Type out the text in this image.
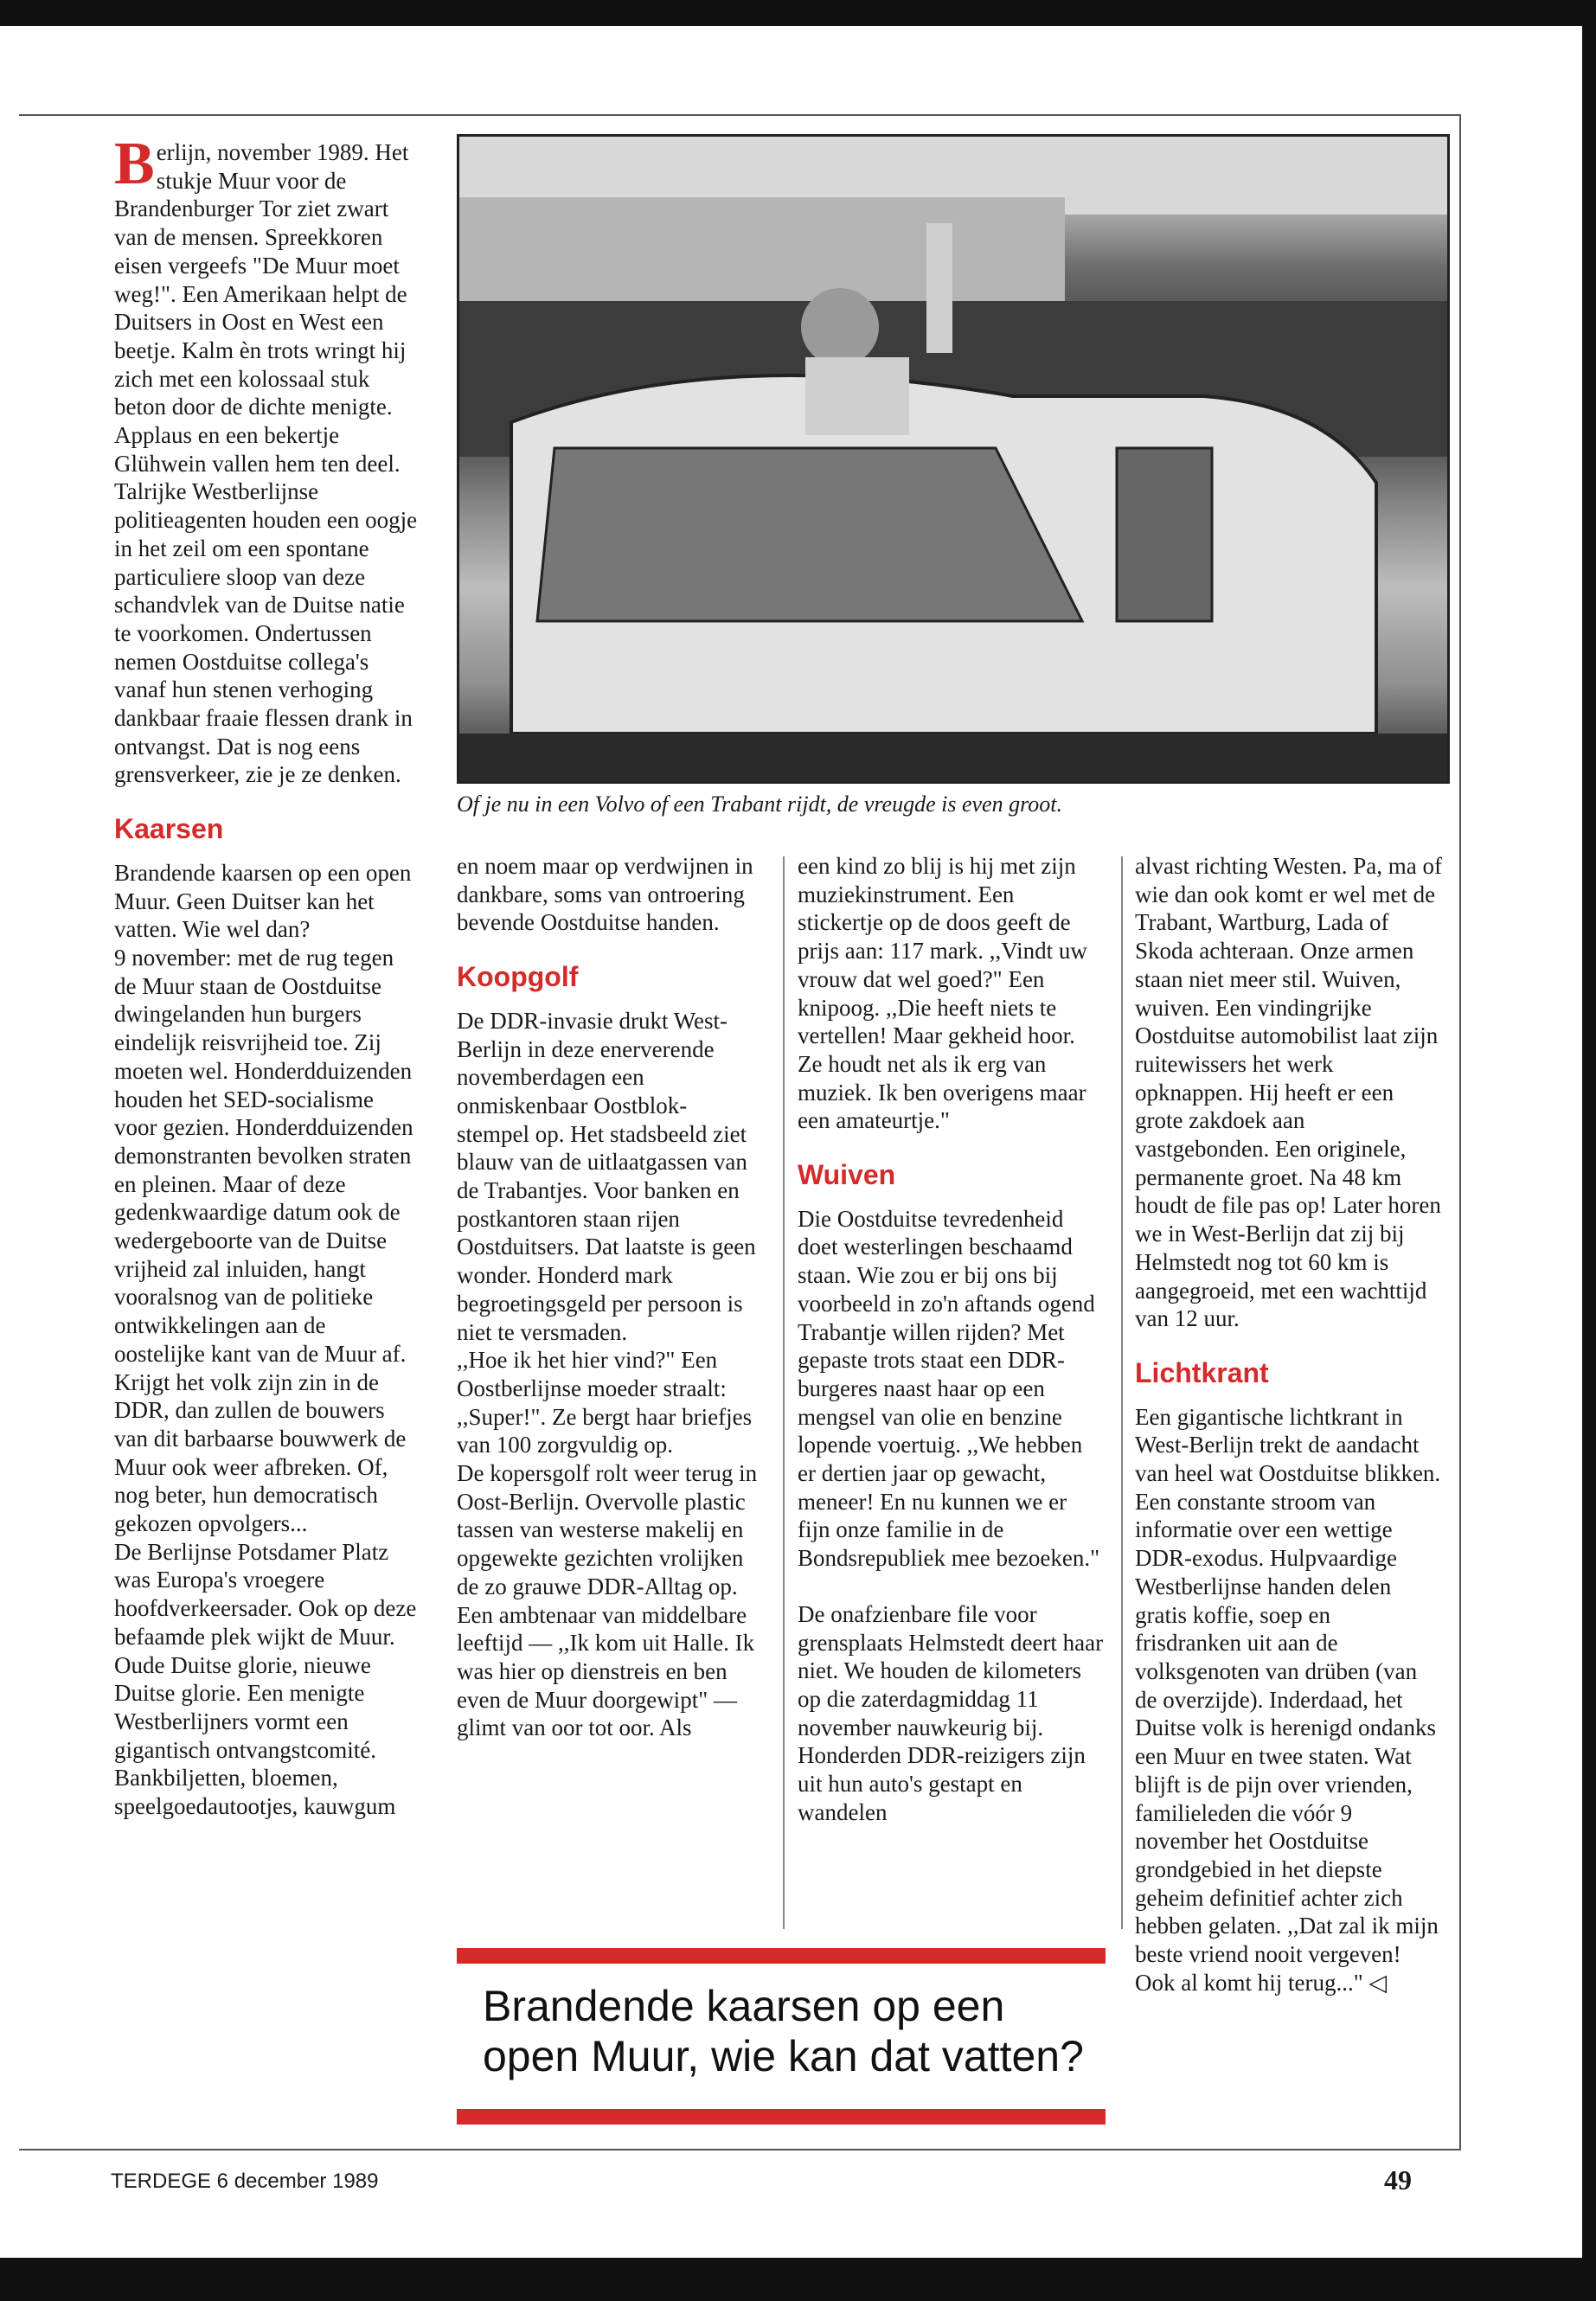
Of je nu in een Volvo of een Trabant rijdt, de vreugde is even groot.

Berlijn, november 1989. Het stukje Muur voor de Brandenburger Tor ziet zwart van de mensen. Spreekkoren eisen vergeefs "De Muur moet weg!". Een Amerikaan helpt de Duitsers in Oost en West een beetje. Kalm èn trots wringt hij zich met een kolossaal stuk beton door de dichte menigte. Applaus en een bekertje Glühwein vallen hem ten deel. Talrijke Westberlijnse politieagenten houden een oogje in het zeil om een spontane particuliere sloop van deze schandvlek van de Duitse natie te voorkomen. Ondertussen nemen Oostduitse collega's vanaf hun stenen verhoging dankbaar fraaie flessen drank in ontvangst. Dat is nog eens grensverkeer, zie je ze denken.

Kaarsen

Brandende kaarsen op een open Muur. Geen Duitser kan het vatten. Wie wel dan?

9 november: met de rug tegen de Muur staan de Oostduitse dwingelanden hun burgers eindelijk reisvrijheid toe. Zij moeten wel. Honderdduizenden houden het SED-socialisme voor gezien. Honderdduizenden demonstranten bevolken straten en pleinen. Maar of deze gedenkwaardige datum ook de wedergeboorte van de Duitse vrijheid zal inluiden, hangt vooralsnog van de politieke ontwikkelingen aan de oostelijke kant van de Muur af. Krijgt het volk zijn zin in de DDR, dan zullen de bouwers van dit barbaarse bouwwerk de Muur ook weer afbreken. Of, nog beter, hun democratisch gekozen opvolgers...

De Berlijnse Potsdamer Platz was Europa's vroegere hoofdverkeersader. Ook op deze befaamde plek wijkt de Muur. Oude Duitse glorie, nieuwe Duitse glorie. Een menigte Westberlijners vormt een gigantisch ontvangstcomité. Bankbiljetten, bloemen, speelgoedautootjes, kauwgum

en noem maar op verdwijnen in dankbare, soms van ontroering bevende Oostduitse handen.

Koopgolf

De DDR-invasie drukt West-Berlijn in deze enerverende novemberdagen een onmiskenbaar Oostblok-stempel op. Het stadsbeeld ziet blauw van de uitlaatgassen van de Trabantjes. Voor banken en postkantoren staan rijen Oostduitsers. Dat laatste is geen wonder. Honderd mark begroetingsgeld per persoon is niet te versmaden.

,,Hoe ik het hier vind?" Een Oostberlijnse moeder straalt: ,,Super!". Ze bergt haar briefjes van 100 zorgvuldig op.

De kopersgolf rolt weer terug in Oost-Berlijn. Overvolle plastic tassen van westerse makelij en opgewekte gezichten vrolijken de zo grauwe DDR-Alltag op. Een ambtenaar van middelbare leeftijd — ,,Ik kom uit Halle. Ik was hier op dienstreis en ben even de Muur doorgewipt" — glimt van oor tot oor. Als

een kind zo blij is hij met zijn muziekinstrument. Een stickertje op de doos geeft de prijs aan: 117 mark. ,,Vindt uw vrouw dat wel goed?" Een knipoog. ,,Die heeft niets te vertellen! Maar gekheid hoor. Ze houdt net als ik erg van muziek. Ik ben overigens maar een amateurtje."

Wuiven

Die Oostduitse tevredenheid doet westerlingen beschaamd staan. Wie zou er bij ons bij voorbeeld in zo'n aftands ogend Trabantje willen rijden? Met gepaste trots staat een DDR-burgeres naast haar op een mengsel van olie en benzine lopende voertuig. ,,We hebben er dertien jaar op gewacht, meneer! En nu kunnen we er fijn onze familie in de Bondsrepubliek mee bezoeken."

De onafzienbare file voor grensplaats Helmstedt deert haar niet. We houden de kilometers op die zaterdagmiddag 11 november nauwkeurig bij. Honderden DDR-reizigers zijn uit hun auto's gestapt en wandelen

alvast richting Westen. Pa, ma of wie dan ook komt er wel met de Trabant, Wartburg, Lada of Skoda achteraan. Onze armen staan niet meer stil. Wuiven, wuiven. Een vindingrijke Oostduitse automobilist laat zijn ruitewissers het werk opknappen. Hij heeft er een grote zakdoek aan vastgebonden. Een originele, permanente groet. Na 48 km houdt de file pas op! Later horen we in West-Berlijn dat zij bij Helmstedt nog tot 60 km is aangegroeid, met een wachttijd van 12 uur.

Lichtkrant

Een gigantische lichtkrant in West-Berlijn trekt de aandacht van heel wat Oostduitse blikken. Een constante stroom van informatie over een wettige DDR-exodus. Hulpvaardige Westberlijnse handen delen gratis koffie, soep en frisdranken uit aan de volksgenoten van drüben (van de overzijde). Inderdaad, het Duitse volk is herenigd ondanks een Muur en twee staten. Wat blijft is de pijn over vrienden, familieleden die vóór 9 november het Oostduitse grondgebied in het diepste geheim definitief achter zich hebben gelaten. ,,Dat zal ik mijn beste vriend nooit vergeven! Ook al komt hij terug..." ◁

Brandende kaarsen op een open Muur, wie kan dat vatten?
TERDEGE 6 december 1989	49
